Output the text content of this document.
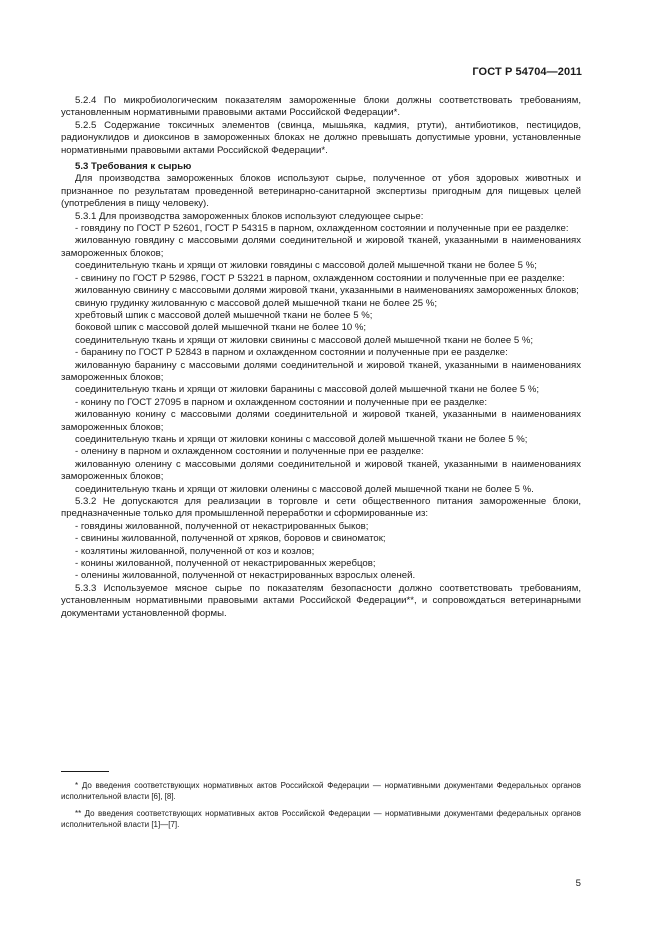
ГОСТ Р 54704—2011

5.2.4 По микробиологическим показателям замороженные блоки должны соответствовать требованиям, установленным нормативными правовыми актами Российской Федерации*.

5.2.5 Содержание токсичных элементов (свинца, мышьяка, кадмия, ртути), антибиотиков, пестицидов, радионуклидов и диоксинов в замороженных блоках не должно превышать допустимые уровни, установленные нормативными правовыми актами Российской Федерации*.

5.3 Требования к сырью

Для производства замороженных блоков используют сырье, полученное от убоя здоровых животных и признанное по результатам проведенной ветеринарно-санитарной экспертизы пригодным для пищевых целей (употребления в пищу человеку).

5.3.1 Для производства замороженных блоков используют следующее сырье:

- говядину по ГОСТ Р 52601, ГОСТ Р 54315 в парном, охлажденном состоянии и полученные при ее разделке:

жилованную говядину с массовыми долями соединительной и жировой тканей, указанными в наименованиях замороженных блоков;

соединительную ткань и хрящи от жиловки говядины с массовой долей мышечной ткани не более 5 %;

- свинину по ГОСТ Р 52986, ГОСТ Р 53221 в парном, охлажденном состоянии и полученные при ее разделке:

жилованную свинину с массовыми долями жировой ткани, указанными в наименованиях замороженных блоков;

свиную грудинку жилованную с массовой долей мышечной ткани не более 25 %;

хребтовый шпик с массовой долей мышечной ткани не более 5 %;

боковой шпик с массовой долей мышечной ткани не более 10 %;

соединительную ткань и хрящи от жиловки свинины с массовой долей мышечной ткани не более 5 %;

- баранину по ГОСТ Р 52843 в парном и охлажденном состоянии и полученные при ее разделке:

жилованную баранину с массовыми долями соединительной и жировой тканей, указанными в наименованиях замороженных блоков;

соединительную ткань и хрящи от жиловки баранины с массовой долей мышечной ткани не более 5 %;

- конину по ГОСТ 27095 в парном и охлажденном состоянии и полученные при ее разделке:

жилованную конину с массовыми долями соединительной и жировой тканей, указанными в наименованиях замороженных блоков;

соединительную ткань и хрящи от жиловки конины с массовой долей мышечной ткани не более 5 %;

- оленину в парном и охлажденном состоянии и полученные при ее разделке:

жилованную оленину с массовыми долями соединительной и жировой тканей, указанными в наименованиях замороженных блоков;

соединительную ткань и хрящи от жиловки оленины с массовой долей мышечной ткани не более 5 %.

5.3.2 Не допускаются для реализации в торговле и сети общественного питания замороженные блоки, предназначенные только для промышленной переработки и сформированные из:

- говядины жилованной, полученной от некастрированных быков;

- свинины жилованной, полученной от хряков, боровов и свиноматок;

- козлятины жилованной, полученной от коз и козлов;

- конины жилованной, полученной от некастрированных жеребцов;

- оленины жилованной, полученной от некастрированных взрослых оленей.

5.3.3 Используемое мясное сырье по показателям безопасности должно соответствовать требованиям, установленным нормативными правовыми актами Российской Федерации**, и сопровождаться ветеринарными документами установленной формы.

* До введения соответствующих нормативных актов Российской Федерации — нормативными документами Федеральных органов исполнительной власти [6], [8].

** До введения соответствующих нормативных актов Российской Федерации — нормативными документами федеральных органов исполнительной власти [1]—[7].

5
